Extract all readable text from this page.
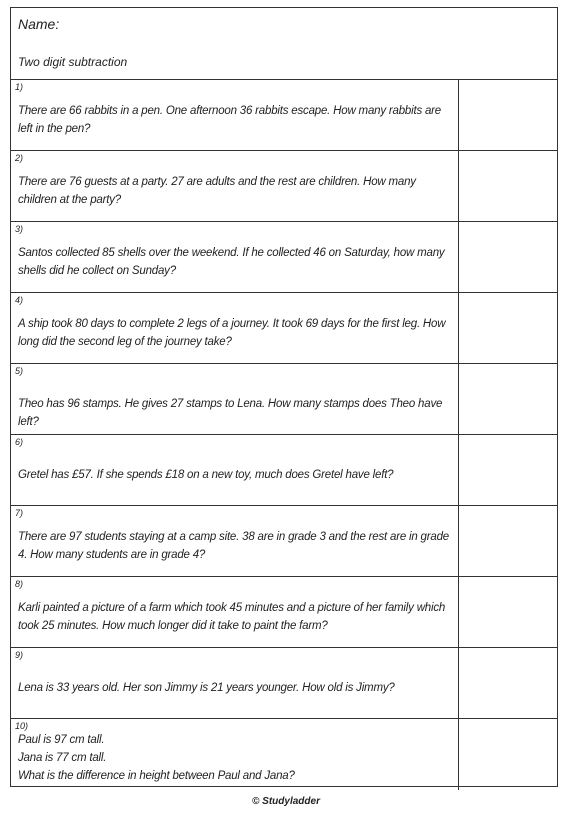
Name:
Two digit subtraction
1)
There are 66 rabbits in a pen. One afternoon 36 rabbits escape. How many rabbits are left in the pen?
2)
There are 76 guests at a party. 27 are adults and the rest are children. How many children at the party?
3)
Santos collected 85 shells over the weekend. If he collected 46 on Saturday, how many shells did he collect on Sunday?
4)
A ship took 80 days to complete 2 legs of a journey. It took 69 days for the first leg. How long did the second leg of the journey take?
5)
Theo has 96 stamps. He gives 27 stamps to Lena. How many stamps does Theo have left?
6)
Gretel has £57. If she spends £18 on a new toy, much does Gretel have left?
7)
There are 97 students staying at a camp site. 38 are in grade 3 and the rest are in grade 4. How many students are in grade 4?
8)
Karli painted a picture of a farm which took 45 minutes and a picture of her family which took 25 minutes. How much longer did it take to paint the farm?
9)
Lena is 33 years old. Her son Jimmy is 21 years younger. How old is Jimmy?
10)
Paul is 97 cm tall.
Jana is 77 cm tall.
What is the difference in height between Paul and Jana?
© Studyladder
